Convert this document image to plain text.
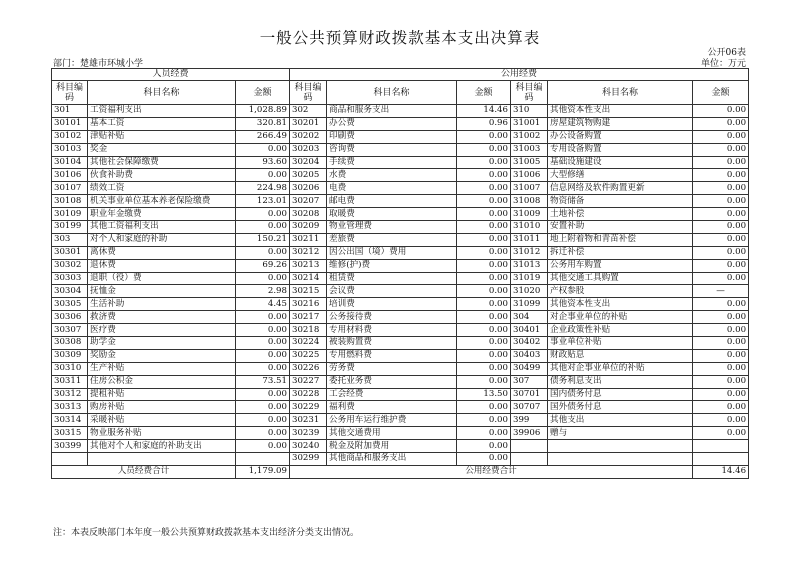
一般公共预算财政拨款基本支出决算表
公开06表
部门：楚雄市环城小学	单位：万元
人员经费			公用经费					
科目编码	科目名称	金额	科目编码	科目名称	金额	科目编码	科目名称	金额
301	工资福利支出	1,028.89	302	商品和服务支出	14.46	310	其他资本性支出	0.00
30101	基本工资	320.81	30201	办公费	0.96	31001	房屋建筑物购建	0.00
30102	津贴补贴	266.49	30202	印刷费	0.00	31002	办公设备购置	0.00
30103	奖金	0.00	30203	咨询费	0.00	31003	专用设备购置	0.00
30104	其他社会保障缴费	93.60	30204	手续费	0.00	31005	基础设施建设	0.00
30106	伙食补助费	0.00	30205	水费	0.00	31006	大型修缮	0.00
30107	绩效工资	224.98	30206	电费	0.00	31007	信息网络及软件购置更新	0.00
30108	机关事业单位基本养老保险缴费	123.01	30207	邮电费	0.00	31008	物资储备	0.00
30109	职业年金缴费	0.00	30208	取暖费	0.00	31009	土地补偿	0.00
30199	其他工资福利支出	0.00	30209	物业管理费	0.00	31010	安置补助	0.00
303	对个人和家庭的补助	150.21	30211	差旅费	0.00	31011	地上附着物和青苗补偿	0.00
30301	离休费	0.00	30212	因公出国（境）费用	0.00	31012	拆迁补偿	0.00
30302	退休费	69.26	30213	维修(护)费	0.00	31013	公务用车购置	0.00
30303	退职（役）费	0.00	30214	租赁费	0.00	31019	其他交通工具购置	0.00
30304	抚恤金	2.98	30215	会议费	0.00	31020	产权参股	—
30305	生活补助	4.45	30216	培训费	0.00	31099	其他资本性支出	0.00
30306	救济费	0.00	30217	公务接待费	0.00	304	对企事业单位的补贴	0.00
30307	医疗费	0.00	30218	专用材料费	0.00	30401	企业政策性补贴	0.00
30308	助学金	0.00	30224	被装购置费	0.00	30402	事业单位补贴	0.00
30309	奖励金	0.00	30225	专用燃料费	0.00	30403	财政贴息	0.00
30310	生产补贴	0.00	30226	劳务费	0.00	30499	其他对企事业单位的补贴	0.00
30311	住房公积金	73.51	30227	委托业务费	0.00	307	债务利息支出	0.00
30312	提租补贴	0.00	30228	工会经费	13.50	30701	国内债务付息	0.00
30313	购房补贴	0.00	30229	福利费	0.00	30707	国外债务付息	0.00
30314	采暖补贴	0.00	30231	公务用车运行维护费	0.00	399	其他支出	0.00
30315	物业服务补贴	0.00	30239	其他交通费用	0.00	39906	赠与	0.00
30399	其他对个人和家庭的补助支出	0.00	30240	税金及附加费用	0.00			
			30299	其他商品和服务支出	0.00			
人员经费合计		1,179.09	公用经费合计					14.46
注：本表反映部门本年度一般公共预算财政拨款基本支出经济分类支出情况。
